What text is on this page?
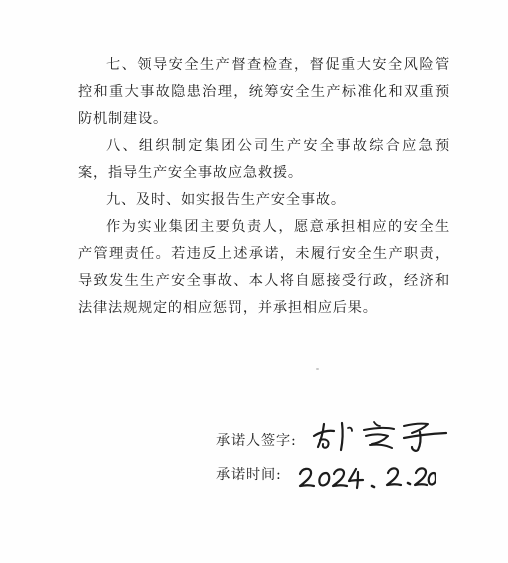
七、领导安全生产督查检查，督促重大安全风险管控和重大事故隐患治理，统筹安全生产标准化和双重预防机制建设。

八、组织制定集团公司生产安全事故综合应急预案，指导生产安全事故应急救援。

九、及时、如实报告生产安全事故。

作为实业集团主要负责人，愿意承担相应的安全生产管理责任。若违反上述承诺，未履行安全生产职责，导致发生生产安全事故、本人将自愿接受行政，经济和法律法规规定的相应惩罚，并承担相应后果。

承诺人签字:
承诺时间:
